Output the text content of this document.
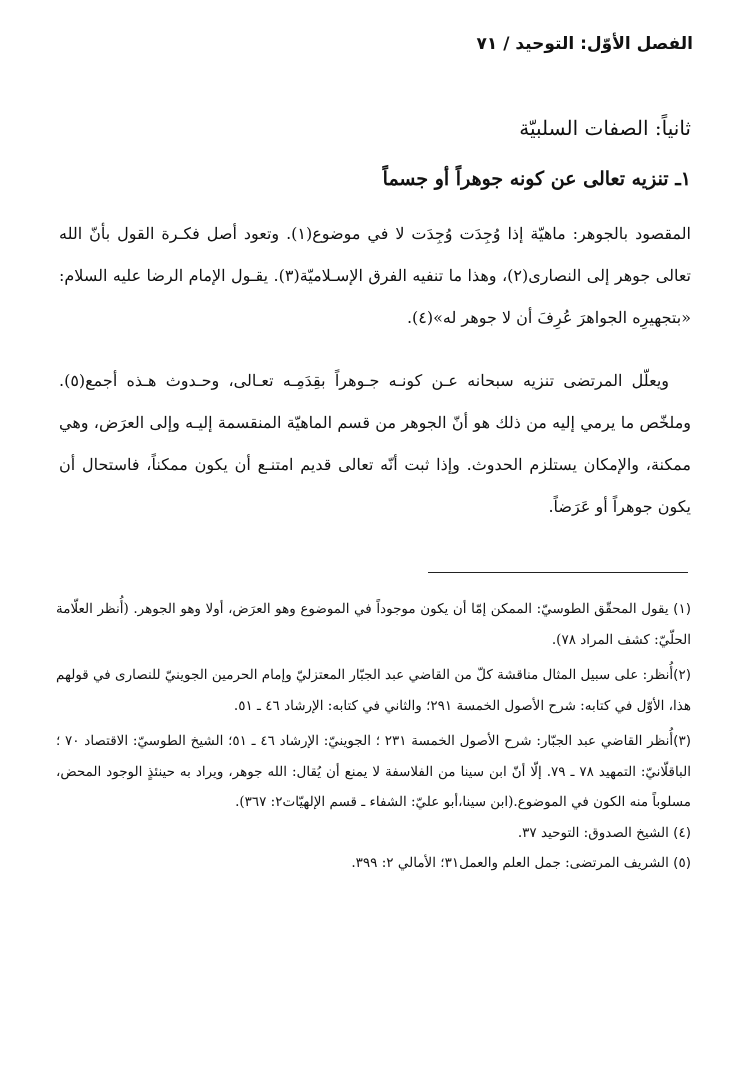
الفصل الأوّل: التوحيد / ٧١
ثانياً: الصفات السلبيّة
١ـ تنزيه تعالى عن كونه جوهراً أو جسماً

المقصود بالجوهر: ماهيّة إذا وُجِدَت وُجِدَت لا في موضوع(١). وتعود أصل فكـرة القول بأنّ الله تعالى جوهر إلى النصارى(٢)، وهذا ما تنفيه الفرق الإسـلاميّة(٣). يقـول الإمام الرضا عليه السلام: «بتجهيرِه الجواهرَ عُرِفَ أن لا جوهر له»(٤).

ويعلّل المرتضى تنزيه سبحانه عـن كونـه جـوهراً بقِدَمِـه تعـالى، وحـدوث هـذه أجمع(٥). وملخّص ما يرمي إليه من ذلك هو أنّ الجوهر من قسم الماهيّة المنقسمة إليـه وإلى العرَض، وهي ممكنة، والإمكان يستلزم الحدوث. وإذا ثبت أنّه تعالى قديم امتنـع أن يكون ممكناً، فاستحال أن يكون جوهراً أو عَرَضاً.

(١) يقول المحقّق الطوسيّ: الممكن إمّا أن يكون موجوداً في الموضوع وهو العرَض، أولا وهو الجوهر. (أُنظر العلّامة الحلّيّ: كشف المراد ٧٨).
(٢)أُنظر: على سبيل المثال مناقشة كلّ من القاضي عبد الجبّار المعتزليّ وإمام الحرمين الجوينيّ للنصارى في قولهم هذا، الأوّل في كتابه: شرح الأصول الخمسة ٢٩١؛ والثاني في كتابه: الإرشاد ٤٦ ـ ٥١.
(٣)أُنظر القاضي عبد الجبّار: شرح الأصول الخمسة ٢٣١ ؛ الجوينيّ: الإرشاد ٤٦ ـ ٥١؛ الشيخ الطوسيّ: الاقتصاد ٧٠ ؛ الباقلّانيّ: التمهيد ٧٨ ـ ٧٩. إلّا أنّ ابن سينا من الفلاسفة لا يمنع أن يُقال: الله جوهر، ويراد به حينئذٍ الوجود المحض، مسلوباً منه الكون في الموضوع.(ابن سينا،أبو عليّ: الشفاء ـ قسم الإلهيّات٢: ٣٦٧).
(٤) الشيخ الصدوق: التوحيد ٣٧.
(٥) الشريف المرتضى: جمل العلم والعمل٣١؛ الأمالي ٢: ٣٩٩.
